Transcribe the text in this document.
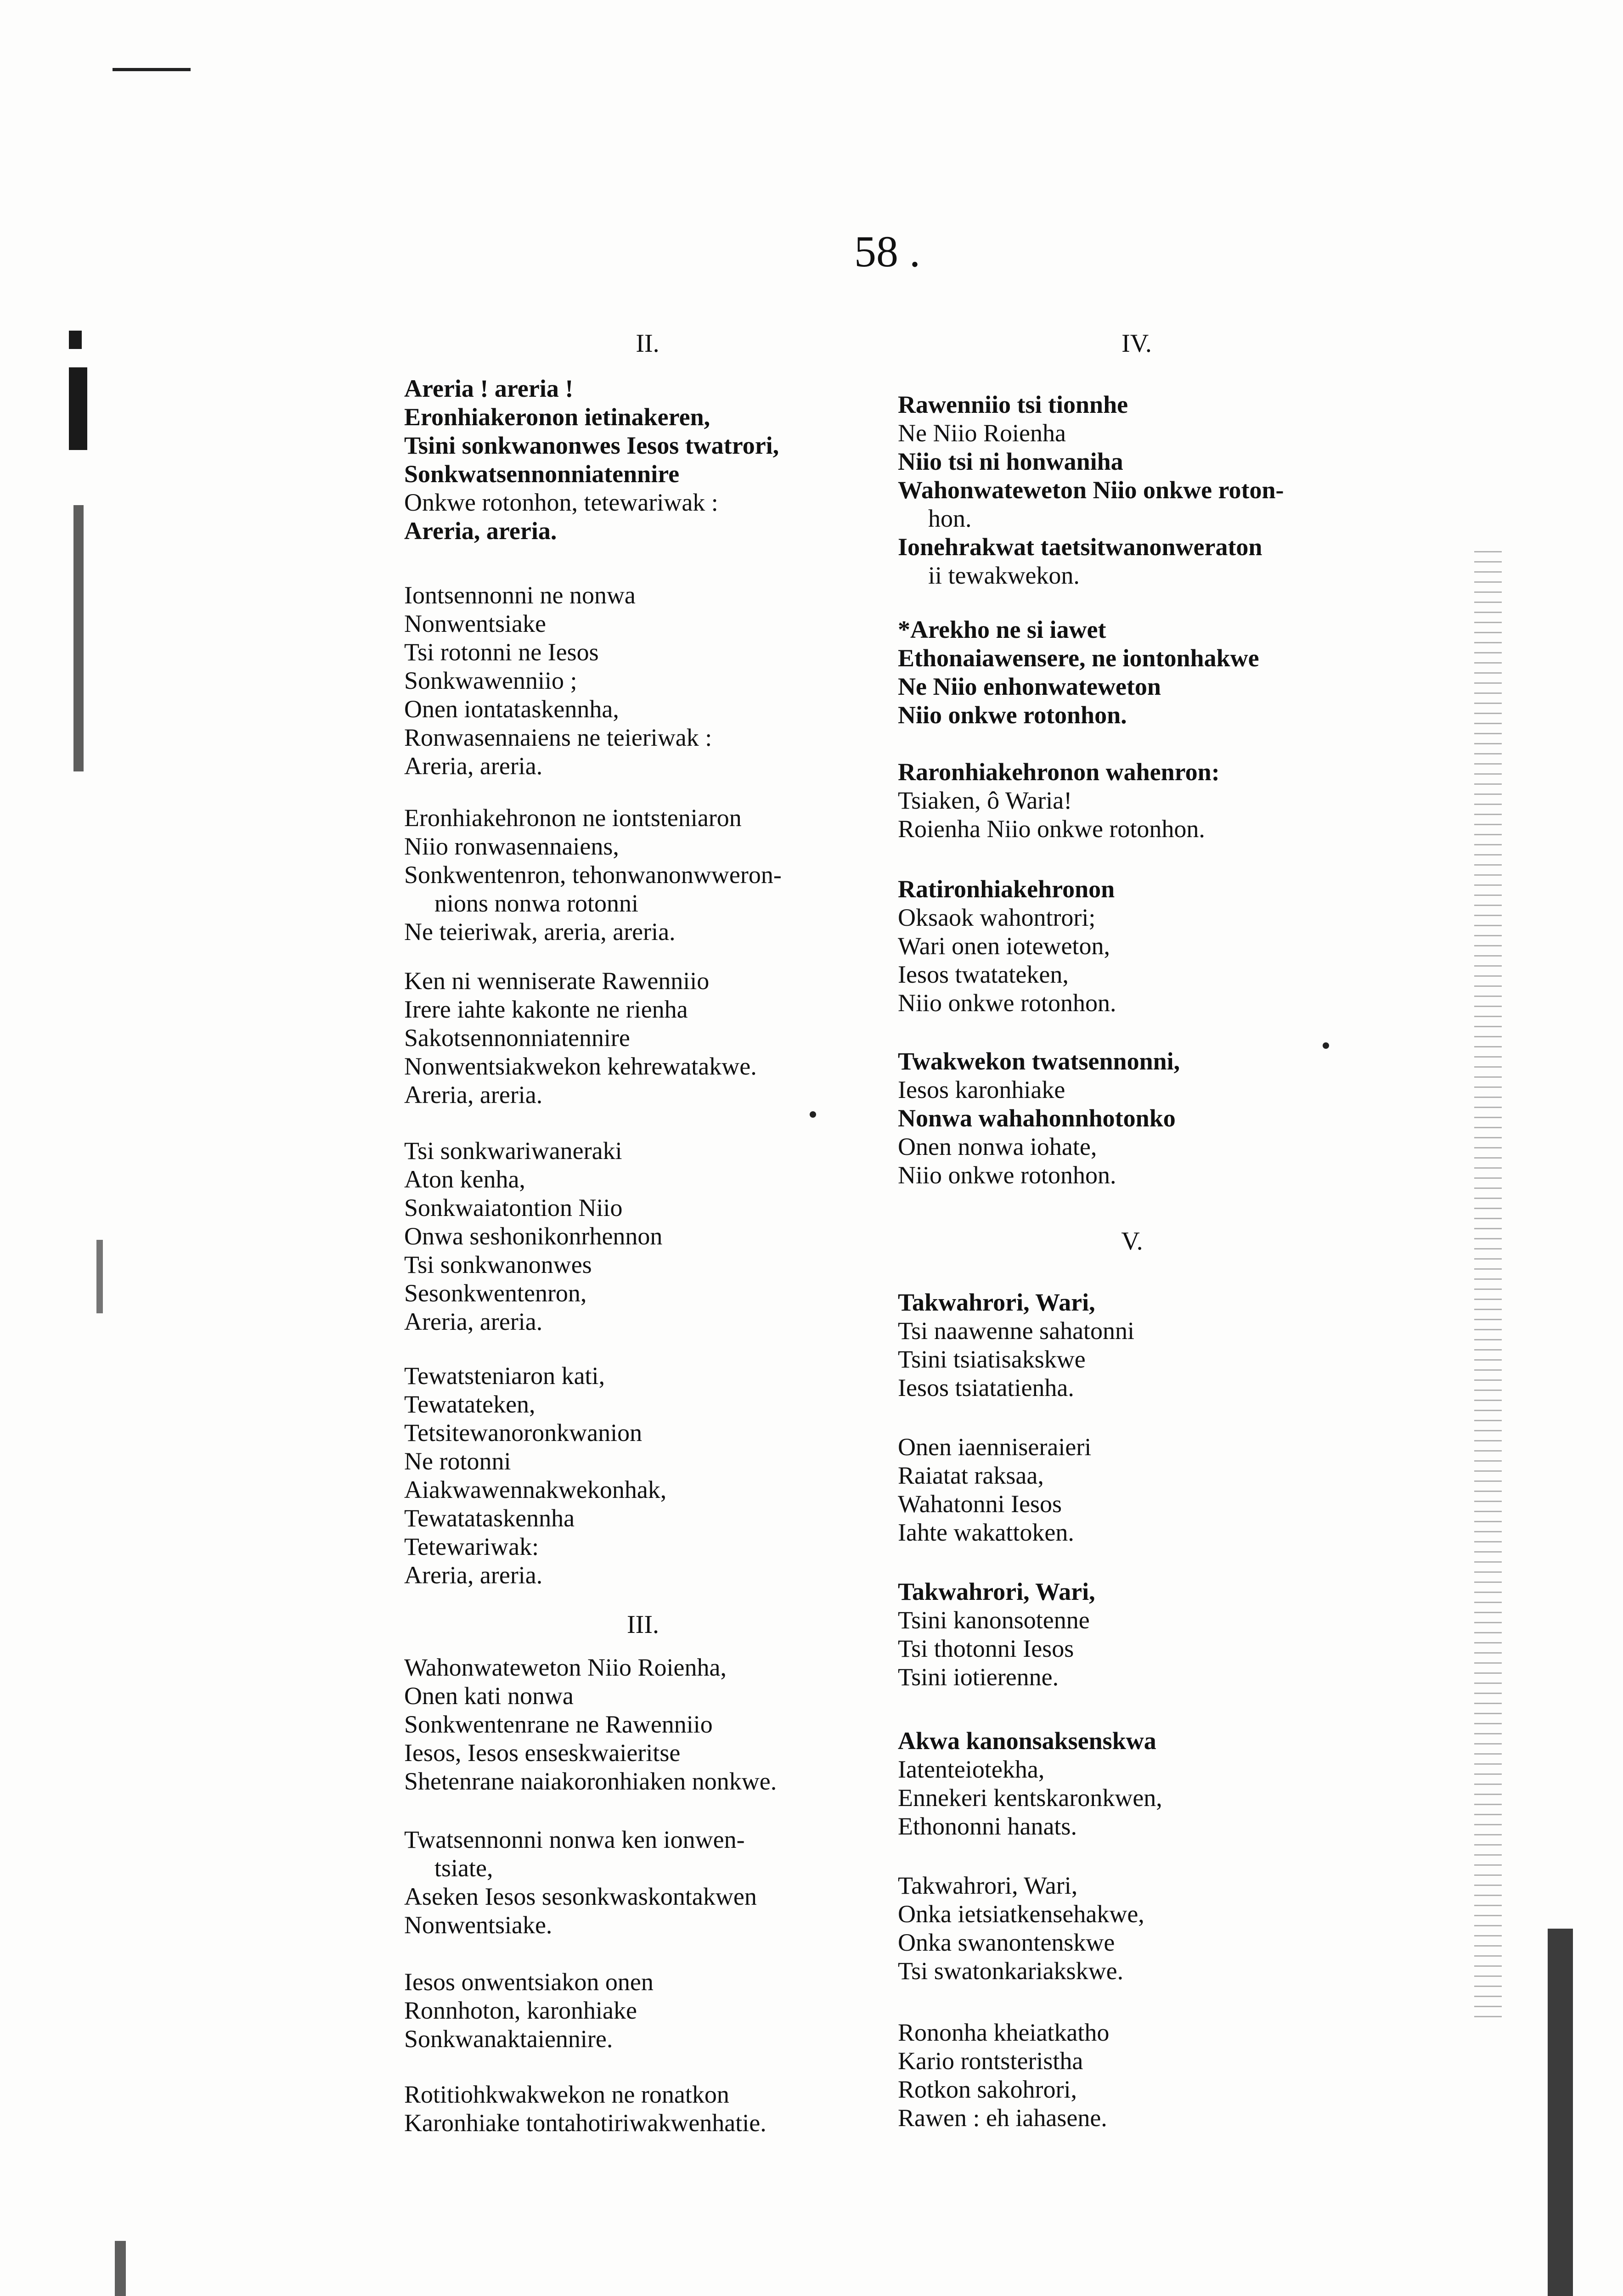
58 .
II.
Areria ! areria !
Eronhiakeronon ietinakeren,
Tsini sonkwanonwes Iesos twatrori,
Sonkwatsennonniatennire
Onkwe rotonhon, tetewariwak :
Areria, areria.
Iontsennonni ne nonwa
Nonwentsiake
Tsi rotonni ne Iesos
Sonkwawenniio ;
Onen iontataskennha,
Ronwasennaiens ne teieriwak :
Areria, areria.
Eronhiakehronon ne iontsteniaron
Niio ronwasennaiens,
Sonkwentenron, tehonwanonwweron-
nions nonwa rotonni
Ne teieriwak, areria, areria.
Ken ni wenniserate Rawenniio
Irere iahte kakonte ne rienha
Sakotsennonniatennire
Nonwentsiakwekon kehrewatakwe.
Areria, areria.
Tsi sonkwariwaneraki
Aton kenha,
Sonkwaiatontion Niio
Onwa seshonikonrhennon
Tsi sonkwanonwes
Sesonkwentenron,
Areria, areria.
Tewatsteniaron kati,
Tewatateken,
Tetsitewanoronkwanion
Ne rotonni
Aiakwawennakwekonhak,
Tewatataskennha
Tetewariwak:
Areria, areria.
III.
Wahonwateweton Niio Roienha,
Onen kati nonwa
Sonkwentenrane ne Rawenniio
Iesos, Iesos enseskwaieritse
Shetenrane naiakoronhiaken nonkwe.
Twatsennonni nonwa ken ionwen-
tsiate,
Aseken Iesos sesonkwaskontakwen
Nonwentsiake.
Iesos onwentsiakon onen
Ronnhoton, karonhiake
Sonkwanaktaiennire.
Rotitiohkwakwekon ne ronatkon
Karonhiake tontahotiriwakwenhatie.
IV.
Rawenniio tsi tionnhe
Ne Niio Roienha
Niio tsi ni honwaniha
Wahonwateweton Niio onkwe roton-
hon.
Ionehrakwat taetsitwanonweraton
ii tewakwekon.
*Arekho ne si iawet
Ethonaiawensere, ne iontonhakwe
Ne Niio enhonwateweton
Niio onkwe rotonhon.
Raronhiakehronon wahenron:
Tsiaken, ô Waria!
Roienha Niio onkwe rotonhon.
Ratironhiakehronon
Oksaok wahontrori;
Wari onen ioteweton,
Iesos twatateken,
Niio onkwe rotonhon.
Twakwekon twatsennonni,
Iesos karonhiake
Nonwa wahahonnhotonko
Onen nonwa iohate,
Niio onkwe rotonhon.
V.
Takwahrori, Wari,
Tsi naawenne sahatonni
Tsini tsiatisakskwe
Iesos tsiatatienha.
Onen iaenniseraieri
Raiatat raksaa,
Wahatonni Iesos
Iahte wakattoken.
Takwahrori, Wari,
Tsini kanonsotenne
Tsi thotonni Iesos
Tsini iotierenne.
Akwa kanonsaksenskwa
Iatenteiotekha,
Ennekeri kentskaronkwen,
Ethononni hanats.
Takwahrori, Wari,
Onka ietsiatkensehakwe,
Onka swanontenskwe
Tsi swatonkariakskwe.
Rononha kheiatkatho
Kario rontsteristha
Rotkon sakohrori,
Rawen : eh iahasene.
